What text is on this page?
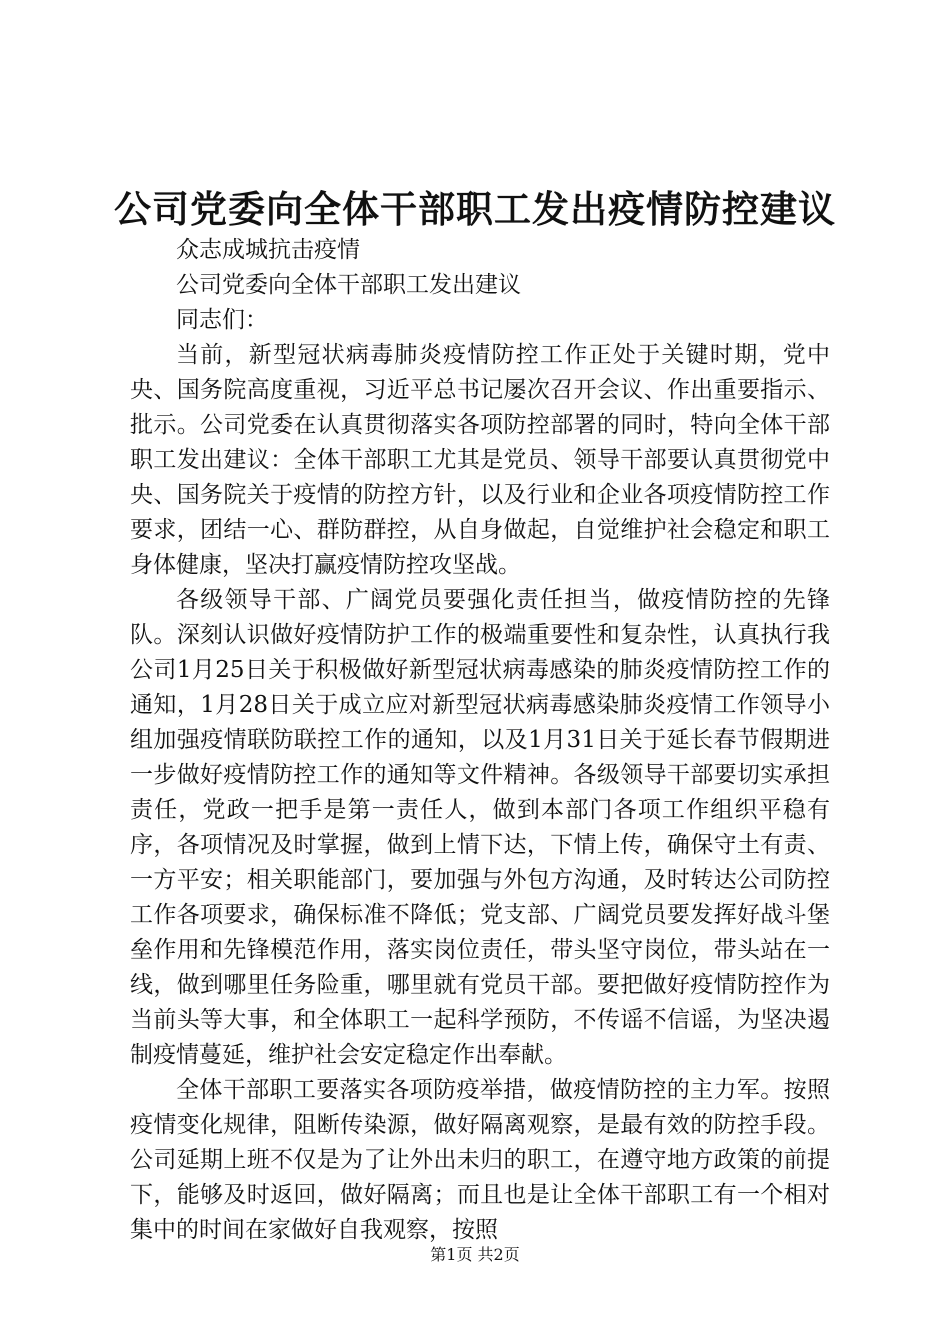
公司党委向全体干部职工发出疫情防控建议

众志成城抗击疫情

公司党委向全体干部职工发出建议

同志们：

当前，新型冠状病毒肺炎疫情防控工作正处于关键时期，党中央、国务院高度重视，习近平总书记屡次召开会议、作出重要指示、批示。公司党委在认真贯彻落实各项防控部署的同时，特向全体干部职工发出建议：全体干部职工尤其是党员、领导干部要认真贯彻党中央、国务院关于疫情的防控方针，以及行业和企业各项疫情防控工作要求，团结一心、群防群控，从自身做起，自觉维护社会稳定和职工身体健康，坚决打赢疫情防控攻坚战。

各级领导干部、广阔党员要强化责任担当，做疫情防控的先锋队。深刻认识做好疫情防护工作的极端重要性和复杂性，认真执行我公司1月25日关于积极做好新型冠状病毒感染的肺炎疫情防控工作的通知，1月28日关于成立应对新型冠状病毒感染肺炎疫情工作领导小组加强疫情联防联控工作的通知，以及1月31日关于延长春节假期进一步做好疫情防控工作的通知等文件精神。各级领导干部要切实承担责任，党政一把手是第一责任人，做到本部门各项工作组织平稳有序，各项情况及时掌握，做到上情下达，下情上传，确保守土有责、一方平安；相关职能部门，要加强与外包方沟通，及时转达公司防控工作各项要求，确保标准不降低；党支部、广阔党员要发挥好战斗堡垒作用和先锋模范作用，落实岗位责任，带头坚守岗位，带头站在一线，做到哪里任务险重，哪里就有党员干部。要把做好疫情防控作为当前头等大事，和全体职工一起科学预防，不传谣不信谣，为坚决遏制疫情蔓延，维护社会安定稳定作出奉献。

全体干部职工要落实各项防疫举措，做疫情防控的主力军。按照疫情变化规律，阻断传染源，做好隔离观察，是最有效的防控手段。公司延期上班不仅是为了让外出未归的职工，在遵守地方政策的前提下，能够及时返回，做好隔离；而且也是让全体干部职工有一个相对集中的时间在家做好自我观察，按照

第1页 共2页
